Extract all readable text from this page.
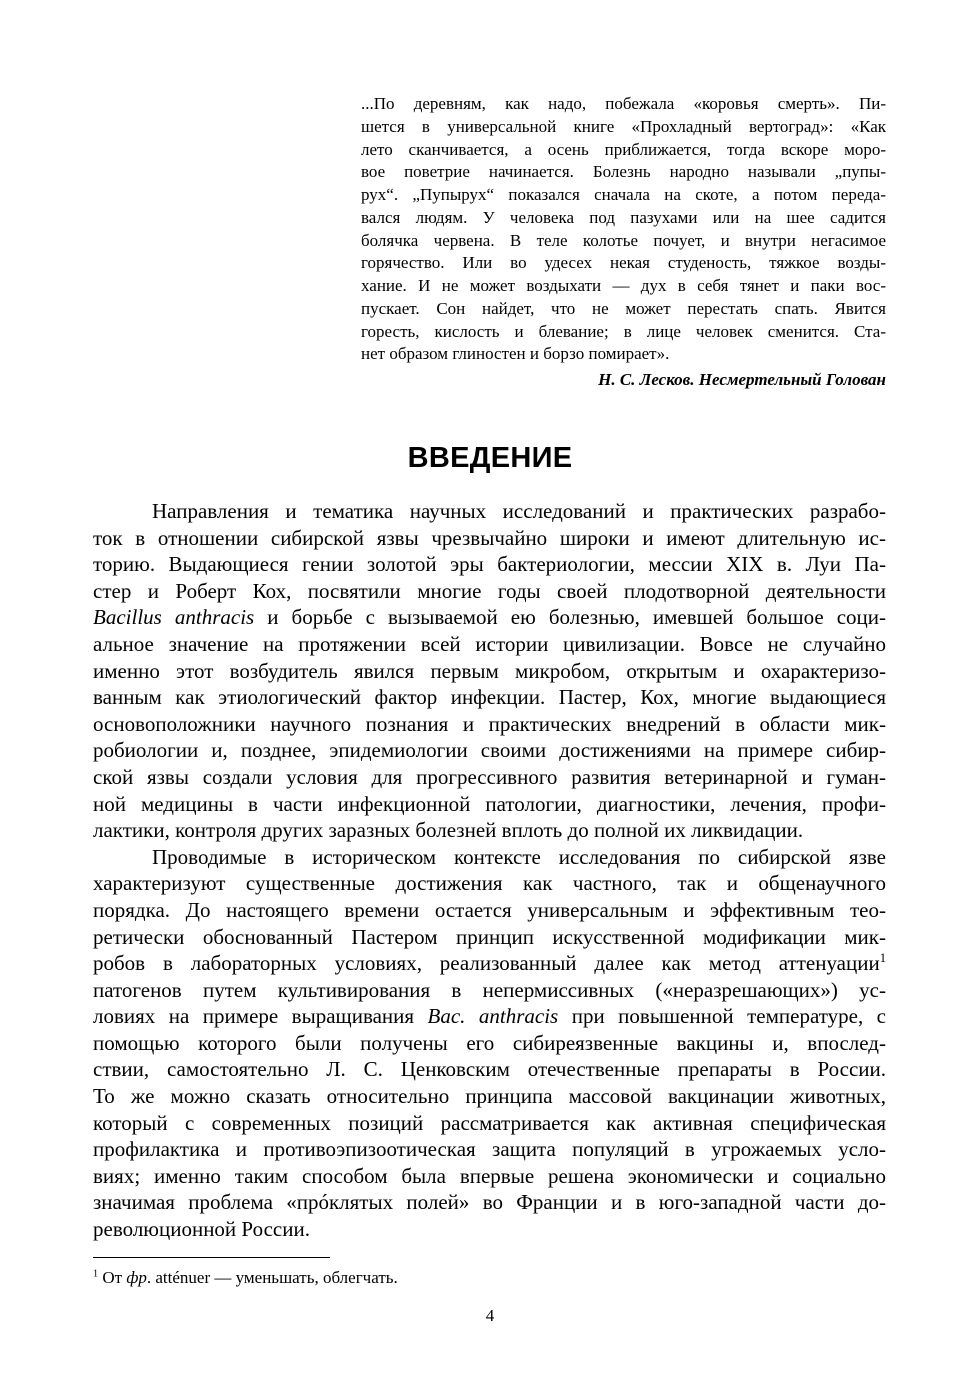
...По деревням, как надо, побежала «коровья смерть». Пи-
шется в универсальной книге «Прохладный вертоград»: «Как
лето сканчивается, а осень приближается, тогда вскоре моро-
вое поветрие начинается. Болезнь народно называли „пупы-
рух“. „Пупырух“ показался сначала на скоте, а потом переда-
вался людям. У человека под пазухами или на шее садится
болячка червена. В теле колотье почует, и внутри негасимое
горячество. Или во удесех некая студеность, тяжкое возды-
хание. И не может воздыхати — дух в себя тянет и паки вос-
пускает. Сон найдет, что не может перестать спать. Явится
горесть, кислость и блевание; в лице человек сменится. Ста-
нет образом глиностен и борзо помирает».
Н. С. Лесков. Несмертельный Голован
ВВЕДЕНИЕ
Направления и тематика научных исследований и практических разрабо-
ток в отношении сибирской язвы чрезвычайно широки и имеют длительную ис-
торию. Выдающиеся гении золотой эры бактериологии, мессии XIX в. Луи Па-
стер и Роберт Кох, посвятили многие годы своей плодотворной деятельности
Bacillus anthracis и борьбе с вызываемой ею болезнью, имевшей большое соци-
альное значение на протяжении всей истории цивилизации. Вовсе не случайно
именно этот возбудитель явился первым микробом, открытым и охарактеризо-
ванным как этиологический фактор инфекции. Пастер, Кох, многие выдающиеся
основоположники научного познания и практических внедрений в области мик-
робиологии и, позднее, эпидемиологии своими достижениями на примере сибир-
ской язвы создали условия для прогрессивного развития ветеринарной и гуман-
ной медицины в части инфекционной патологии, диагностики, лечения, профи-
лактики, контроля других заразных болезней вплоть до полной их ликвидации.
Проводимые в историческом контексте исследования по сибирской язве
характеризуют существенные достижения как частного, так и общенаучного
порядка. До настоящего времени остается универсальным и эффективным тео-
ретически обоснованный Пастером принцип искусственной модификации мик-
робов в лабораторных условиях, реализованный далее как метод аттенуации$^1$
патогенов путем культивирования в непермиссивных («неразрешающих») ус-
ловиях на примере выращивания Bac. anthracis при повышенной температуре, с
помощью которого были получены его сибиреязвенные вакцины и, впослед-
ствии, самостоятельно Л. С. Ценковским отечественные препараты в России.
То же можно сказать относительно принципа массовой вакцинации животных,
который с современных позиций рассматривается как активная специфическая
профилактика и противоэпизоотическая защита популяций в угрожаемых усло-
виях; именно таким способом была впервые решена экономически и социально
значимая проблема «прóклятых полей» во Франции и в юго-западной части до-
революционной России.
$^1$ От фр. atténuer — уменьшать, облегчать.
4
